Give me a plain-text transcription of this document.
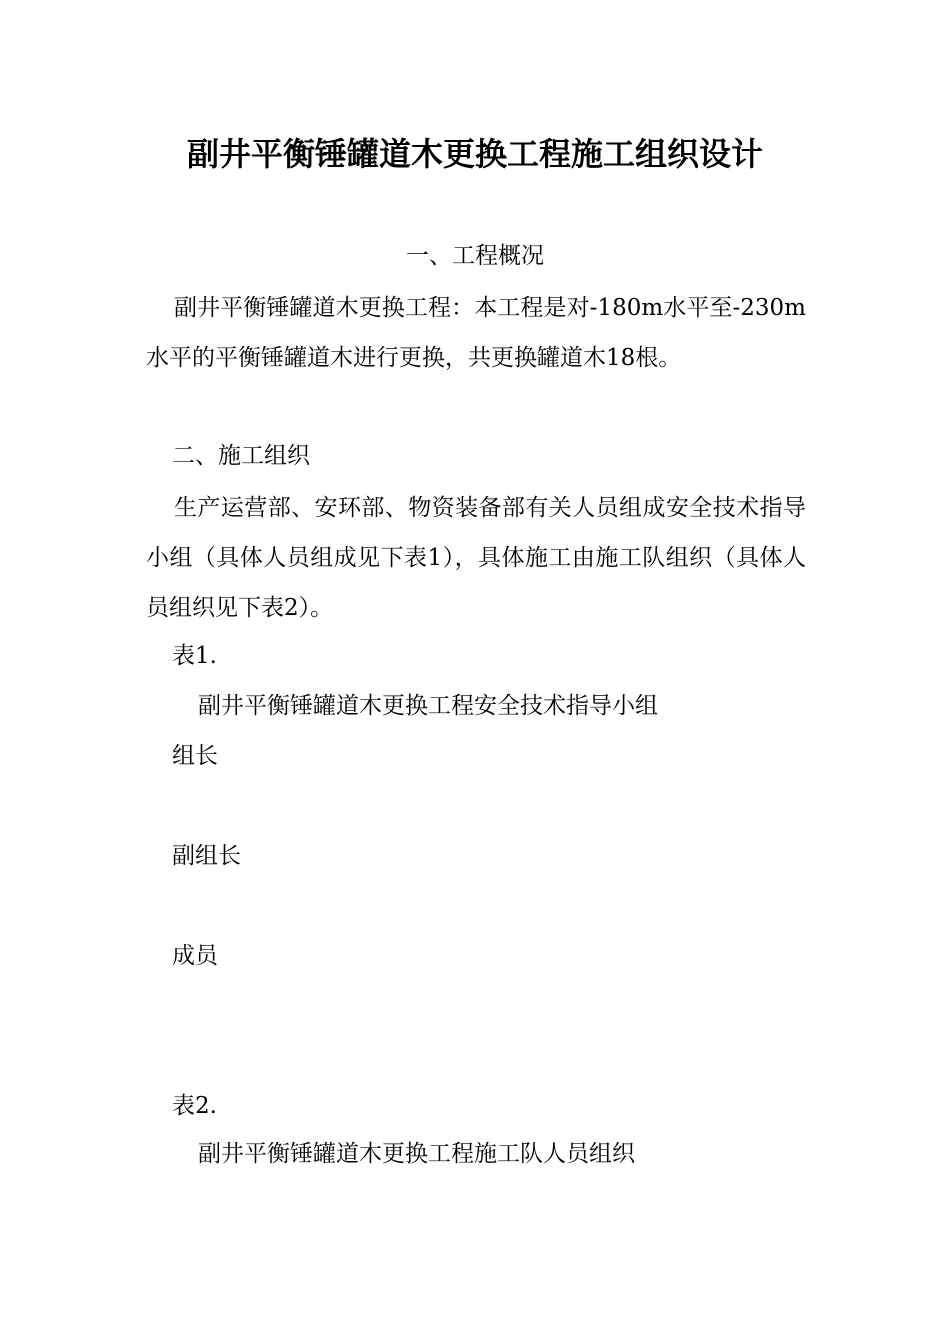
副井平衡锤罐道木更换工程施工组织设计
一、工程概况
副井平衡锤罐道木更换工程：本工程是对-180m水平至-230m水平的平衡锤罐道木进行更换，共更换罐道木18根。
二、施工组织
生产运营部、安环部、物资装备部有关人员组成安全技术指导小组（具体人员组成见下表1），具体施工由施工队组织（具体人员组织见下表2）。
表1.
副井平衡锤罐道木更换工程安全技术指导小组
组长
副组长
成员
表2.
副井平衡锤罐道木更换工程施工队人员组织
